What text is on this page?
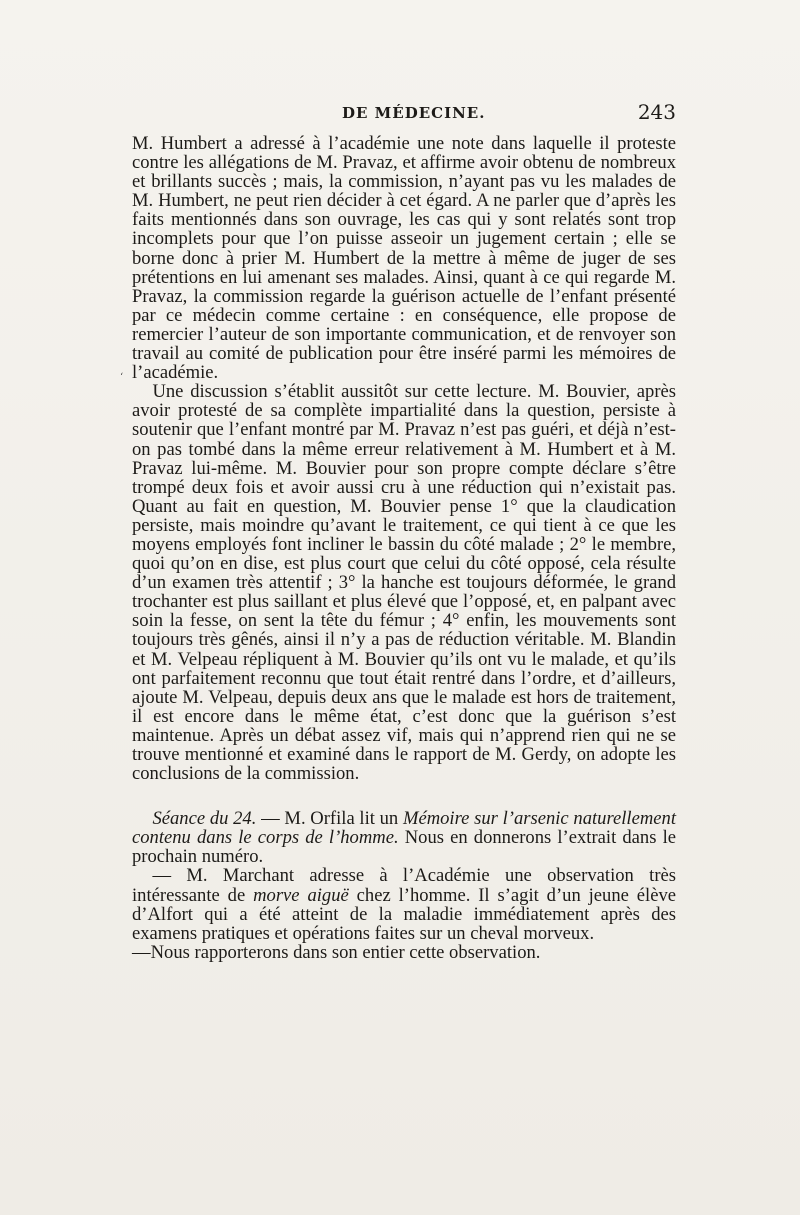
DE MÉDECINE.	243
‘

M. Humbert a adressé à l’académie une note dans laquelle il proteste contre les allégations de M. Pravaz, et affirme avoir obtenu de nombreux et brillants succès ; mais, la commission, n’ayant pas vu les malades de M. Humbert, ne peut rien décider à cet égard. A ne parler que d’après les faits mentionnés dans son ouvrage, les cas qui y sont relatés sont trop incomplets pour que l’on puisse asseoir un jugement certain ; elle se borne donc à prier M. Humbert de la mettre à même de juger de ses prétentions en lui amenant ses malades. Ainsi, quant à ce qui regarde M. Pravaz, la commission regarde la guérison actuelle de l’enfant présenté par ce médecin comme certaine : en conséquence, elle propose de remercier l’auteur de son importante communication, et de renvoyer son travail au comité de publication pour être inséré parmi les mémoires de l’académie.

Une discussion s’établit aussitôt sur cette lecture. M. Bouvier, après avoir protesté de sa complète impartialité dans la question, persiste à soutenir que l’enfant montré par M. Pravaz n’est pas guéri, et déjà n’est-on pas tombé dans la même erreur relativement à M. Humbert et à M. Pravaz lui-même. M. Bouvier pour son propre compte déclare s’être trompé deux fois et avoir aussi cru à une réduction qui n’existait pas. Quant au fait en question, M. Bouvier pense 1° que la claudication persiste, mais moindre qu’avant le traitement, ce qui tient à ce que les moyens employés font incliner le bassin du côté malade ; 2° le membre, quoi qu’on en dise, est plus court que celui du côté opposé, cela résulte d’un examen très attentif ; 3° la hanche est toujours déformée, le grand trochanter est plus saillant et plus élevé que l’opposé, et, en palpant avec soin la fesse, on sent la tête du fémur ; 4° enfin, les mouvements sont toujours très gênés, ainsi il n’y a pas de réduction véritable. M. Blandin et M. Velpeau répliquent à M. Bouvier qu’ils ont vu le malade, et qu’ils ont parfaitement reconnu que tout était rentré dans l’ordre, et d’ailleurs, ajoute M. Velpeau, depuis deux ans que le malade est hors de traitement, il est encore dans le même état, c’est donc que la guérison s’est maintenue. Après un débat assez vif, mais qui n’apprend rien qui ne se trouve mentionné et examiné dans le rapport de M. Gerdy, on adopte les conclusions de la commission.

Séance du 24. — M. Orfila lit un Mémoire sur l’arsenic naturellement contenu dans le corps de l’homme. Nous en donnerons l’extrait dans le prochain numéro.

— M. Marchant adresse à l’Académie une observation très intéressante de morve aiguë chez l’homme. Il s’agit d’un jeune élève d’Alfort qui a été atteint de la maladie immédiatement après des examens pratiques et opérations faites sur un cheval morveux.

—Nous rapporterons dans son entier cette observation.
